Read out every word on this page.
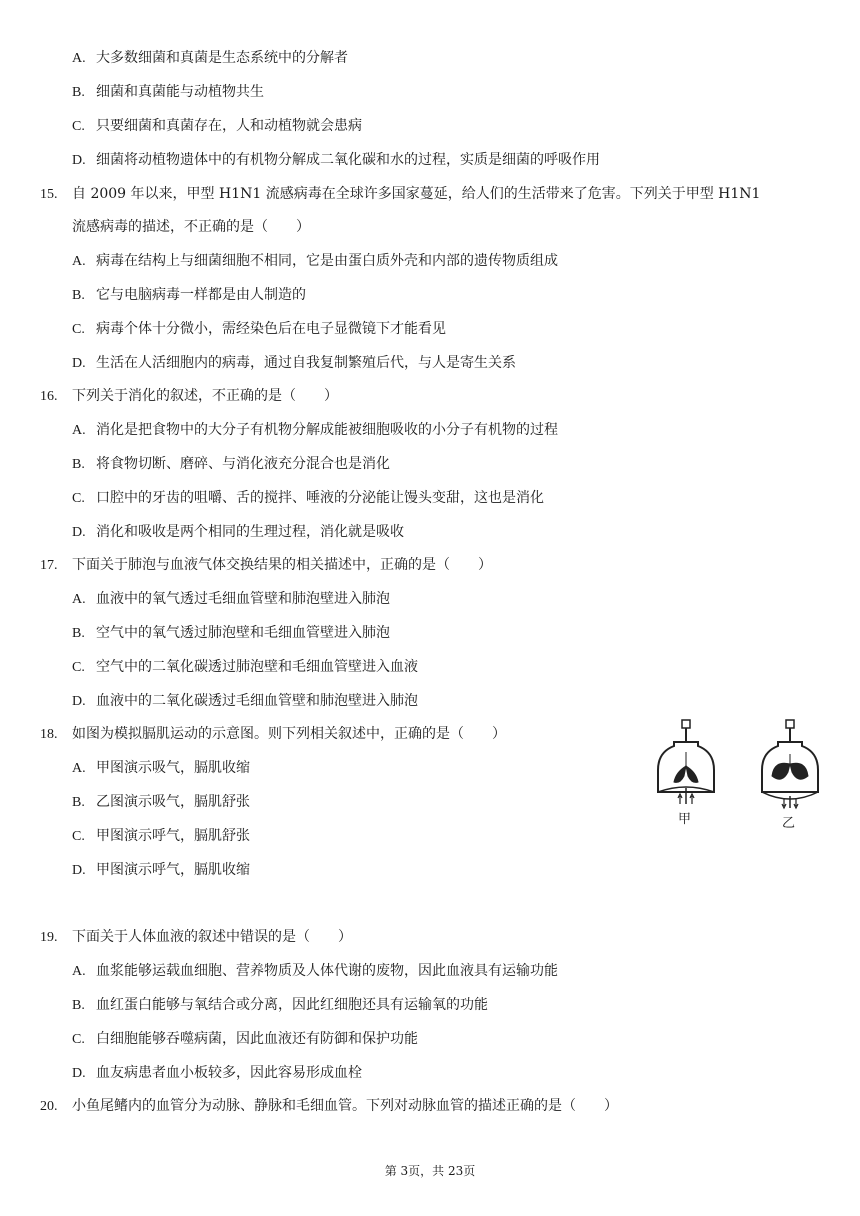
A. 大多数细菌和真菌是生态系统中的分解者
B. 细菌和真菌能与动植物共生
C. 只要细菌和真菌存在，人和动植物就会患病
D. 细菌将动植物遗体中的有机物分解成二氧化碳和水的过程，实质是细菌的呼吸作用
15. 自 2009 年以来，甲型 H1N1 流感病毒在全球许多国家蔓延，给人们的生活带来了危害。下列关于甲型 H1N1
流感病毒的描述，不正确的是（　　）
A. 病毒在结构上与细菌细胞不相同，它是由蛋白质外壳和内部的遗传物质组成
B. 它与电脑病毒一样都是由人制造的
C. 病毒个体十分微小，需经染色后在电子显微镜下才能看见
D. 生活在人活细胞内的病毒，通过自我复制繁殖后代，与人是寄生关系
16. 下列关于消化的叙述，不正确的是（　　）
A. 消化是把食物中的大分子有机物分解成能被细胞吸收的小分子有机物的过程
B. 将食物切断、磨碎、与消化液充分混合也是消化
C. 口腔中的牙齿的咀嚼、舌的搅拌、唾液的分泌能让馒头变甜，这也是消化
D. 消化和吸收是两个相同的生理过程，消化就是吸收
17. 下面关于肺泡与血液气体交换结果的相关描述中，正确的是（　　）
A. 血液中的氧气透过毛细血管壁和肺泡壁进入肺泡
B. 空气中的氧气透过肺泡壁和毛细血管壁进入肺泡
C. 空气中的二氧化碳透过肺泡壁和毛细血管壁进入血液
D. 血液中的二氧化碳透过毛细血管壁和肺泡壁进入肺泡
18. 如图为模拟膈肌运动的示意图。则下列相关叙述中，正确的是（　　）
A. 甲图演示吸气，膈肌收缩
B. 乙图演示吸气，膈肌舒张
C. 甲图演示呼气，膈肌舒张
D. 甲图演示呼气，膈肌收缩
甲	乙
19. 下面关于人体血液的叙述中错误的是（　　）
A. 血浆能够运载血细胞、营养物质及人体代谢的废物，因此血液具有运输功能
B. 血红蛋白能够与氧结合或分离，因此红细胞还具有运输氧的功能
C. 白细胞能够吞噬病菌，因此血液还有防御和保护功能
D. 血友病患者血小板较多，因此容易形成血栓
20. 小鱼尾鳍内的血管分为动脉、静脉和毛细血管。下列对动脉血管的描述正确的是（　　）
第 3页，共 23页
